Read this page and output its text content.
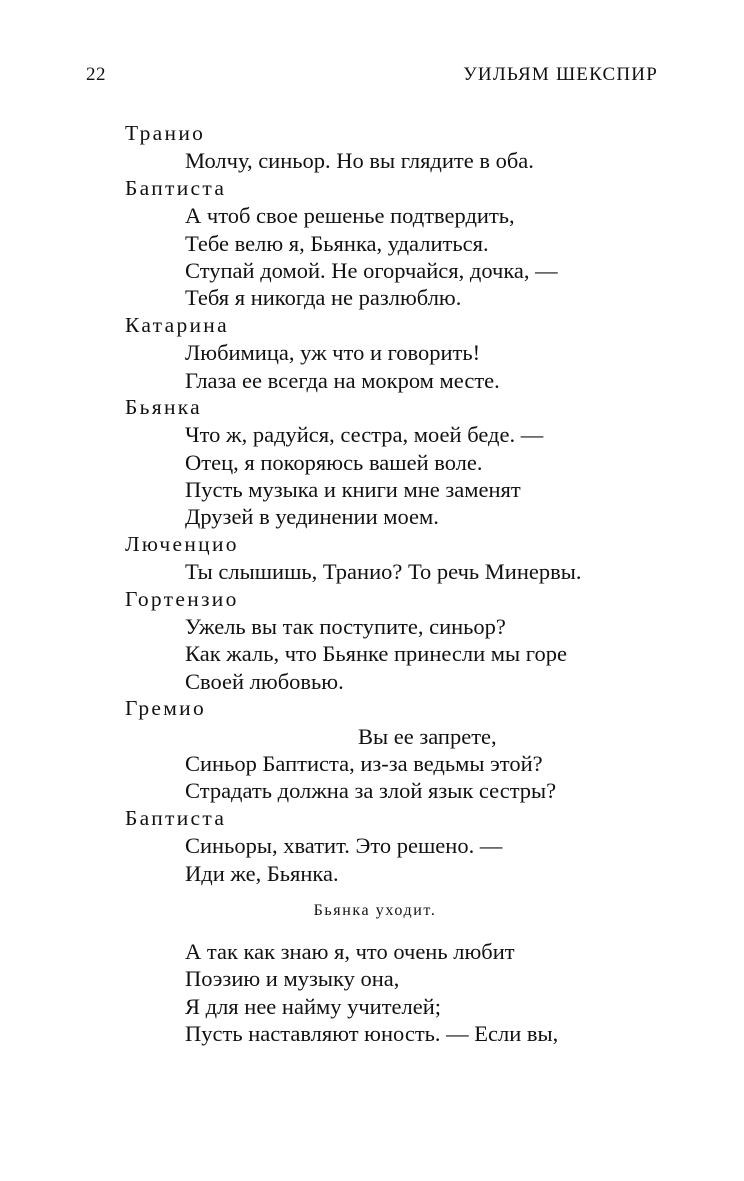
22	УИЛЬЯМ ШЕКСПИР
Транио
Молчу, синьор. Но вы глядите в оба.
Баптиста
А чтоб свое решенье подтвердить,
Тебе велю я, Бьянка, удалиться.
Ступай домой. Не огорчайся, дочка, —
Тебя я никогда не разлюблю.
Катарина
Любимица, уж что и говорить!
Глаза ее всегда на мокром месте.
Бьянка
Что ж, радуйся, сестра, моей беде. —
Отец, я покоряюсь вашей воле.
Пусть музыка и книги мне заменят
Друзей в уединении моем.
Люченцио
Ты слышишь, Транио? То речь Минервы.
Гортензио
Ужель вы так поступите, синьор?
Как жаль, что Бьянке принесли мы горе
Своей любовью.
Гремио
Вы ее запрете,
Синьор Баптиста, из-за ведьмы этой?
Страдать должна за злой язык сестры?
Баптиста
Синьоры, хватит. Это решено. —
Иди же, Бьянка.
Бьянка уходит.
А так как знаю я, что очень любит
Поэзию и музыку она,
Я для нее найму учителей;
Пусть наставляют юность. — Если вы,
